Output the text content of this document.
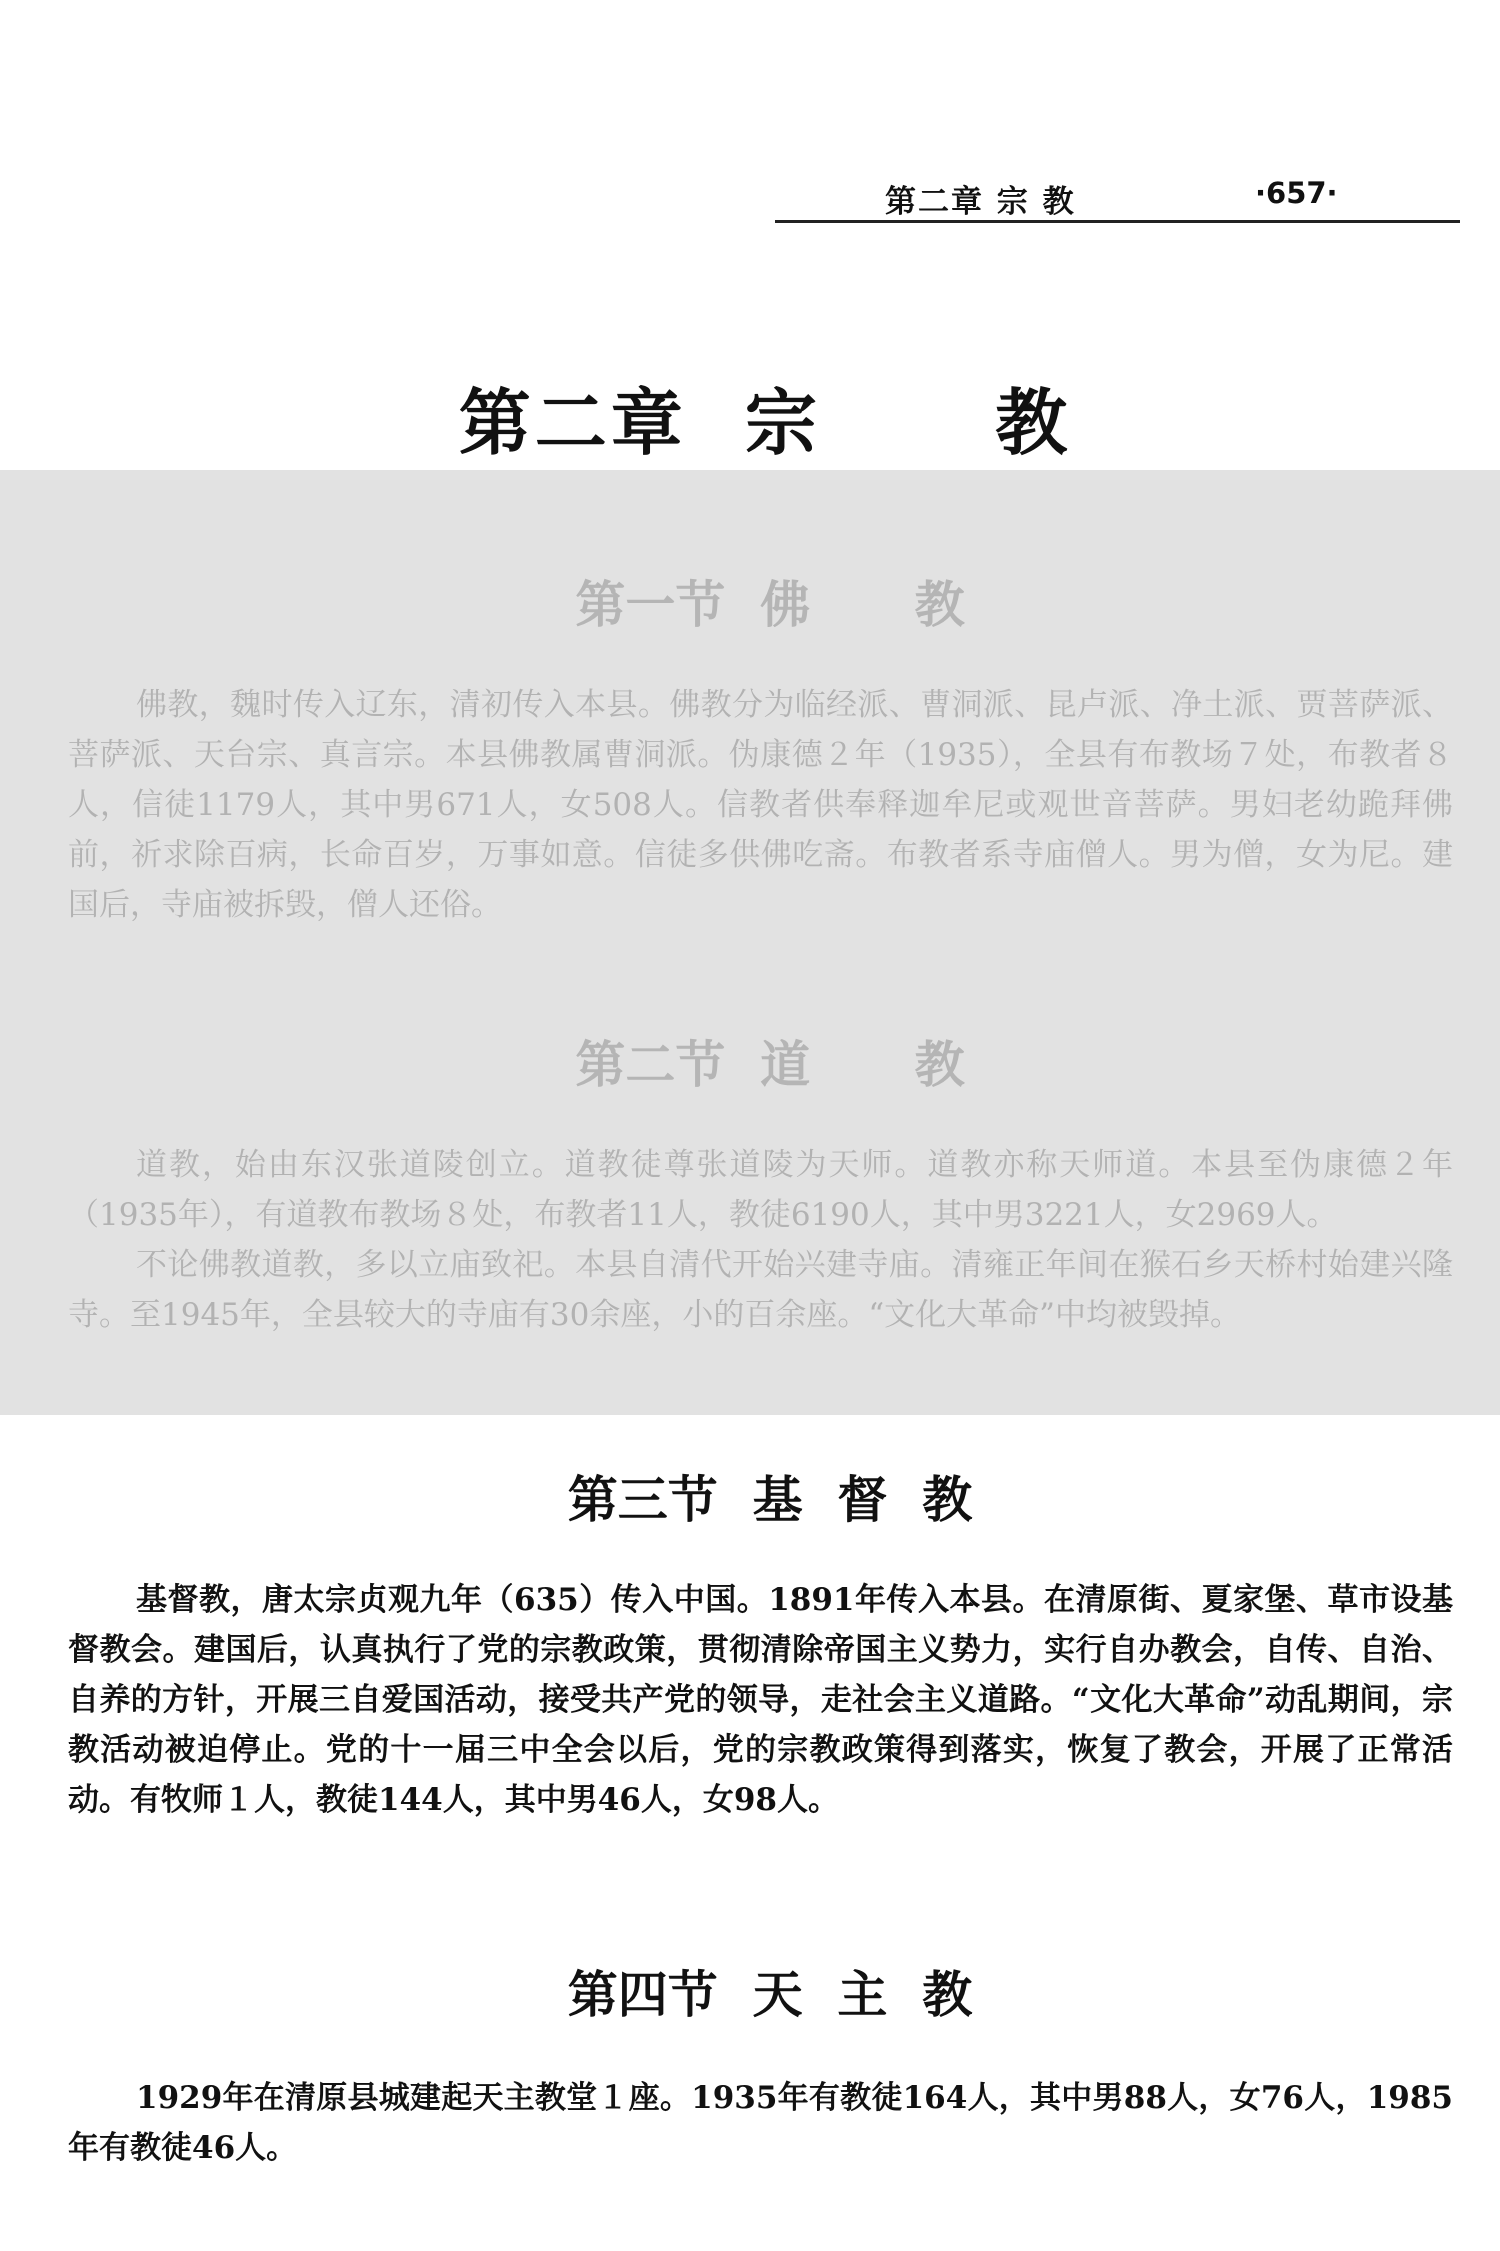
第二章 宗 教	·657·
第二章  宗      教
第一节  佛      教
佛教，魏时传入辽东，清初传入本县。佛教分为临经派、曹洞派、昆卢派、净土派、贾菩萨派、菩萨派、天台宗、真言宗。本县佛教属曹洞派。伪康德２年（1935），全县有布教场７处，布教者８人，信徒1179人，其中男671人，女508人。信教者供奉释迦牟尼或观世音菩萨。男妇老幼跪拜佛前，祈求除百病，长命百岁，万事如意。信徒多供佛吃斋。布教者系寺庙僧人。男为僧，女为尼。建国后，寺庙被拆毁，僧人还俗。
第二节  道      教
道教，始由东汉张道陵创立。道教徒尊张道陵为天师。道教亦称天师道。本县至伪康德２年（1935年），有道教布教场８处，布教者11人，教徒6190人，其中男3221人，女2969人。
不论佛教道教，多以立庙致祀。本县自清代开始兴建寺庙。清雍正年间在猴石乡天桥村始建兴隆寺。至1945年，全县较大的寺庙有30余座，小的百余座。“文化大革命”中均被毁掉。
第三节  基  督  教
基督教，唐太宗贞观九年（635）传入中国。1891年传入本县。在清原街、夏家堡、草市设基督教会。建国后，认真执行了党的宗教政策，贯彻清除帝国主义势力，实行自办教会，自传、自治、自养的方针，开展三自爱国活动，接受共产党的领导，走社会主义道路。“文化大革命”动乱期间，宗教活动被迫停止。党的十一届三中全会以后，党的宗教政策得到落实，恢复了教会，开展了正常活动。有牧师１人，教徒144人，其中男46人，女98人。
第四节  天  主  教
1929年在清原县城建起天主教堂１座。1935年有教徒164人，其中男88人，女76人，1985年有教徒46人。
